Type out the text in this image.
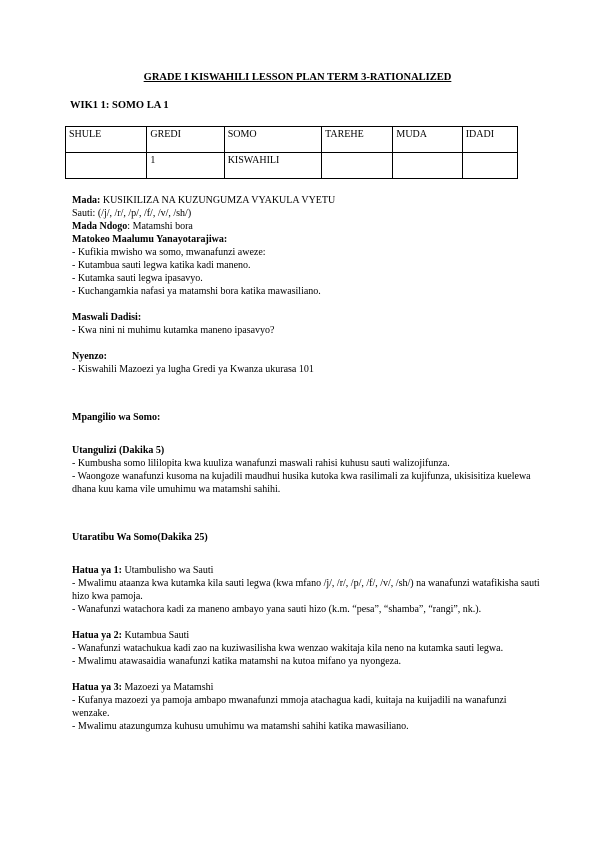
GRADE I KISWAHILI LESSON PLAN TERM 3-RATIONALIZED
WIK1 1: SOMO LA 1
SHULE	GREDI	SOMO	TAREHE	MUDA	IDADI
	1	KISWAHILI			

Mada: KUSIKILIZA NA KUZUNGUMZA VYAKULA VYETU

Sauti: (/j/, /r/, /p/, /f/, /v/, /sh/)

Mada Ndogo: Matamshi bora

Matokeo Maalumu Yanayotarajiwa:

- Kufikia mwisho wa somo, mwanafunzi aweze:

- Kutambua sauti legwa katika kadi maneno.

- Kutamka sauti legwa ipasavyo.

- Kuchangamkia nafasi ya matamshi bora katika mawasiliano.

Maswali Dadisi:

- Kwa nini ni muhimu kutamka maneno ipasavyo?

Nyenzo:

- Kiswahili Mazoezi ya lugha Gredi ya Kwanza ukurasa 101

Mpangilio wa Somo:

Utangulizi (Dakika 5)

- Kumbusha somo lililopita kwa kuuliza wanafunzi maswali rahisi kuhusu sauti walizojifunza.

- Waongoze wanafunzi kusoma na kujadili maudhui husika kutoka kwa rasilimali za kujifunza, ukisisitiza kuelewa dhana kuu kama vile umuhimu wa matamshi sahihi.

Utaratibu Wa Somo(Dakika 25)

Hatua ya 1: Utambulisho wa Sauti

- Mwalimu ataanza kwa kutamka kila sauti legwa (kwa mfano /j/, /r/, /p/, /f/, /v/, /sh/) na wanafunzi watafikisha sauti hizo kwa pamoja.

- Wanafunzi watachora kadi za maneno ambayo yana sauti hizo (k.m. “pesa”, “shamba”, “rangi”, nk.).

Hatua ya 2: Kutambua Sauti

- Wanafunzi watachukua kadi zao na kuziwasilisha kwa wenzao wakitaja kila neno na kutamka sauti legwa.

- Mwalimu atawasaidia wanafunzi katika matamshi na kutoa mifano ya nyongeza.

Hatua ya 3: Mazoezi ya Matamshi

- Kufanya mazoezi ya pamoja ambapo mwanafunzi mmoja atachagua kadi, kuitaja na kuijadili na wanafunzi wenzake.

- Mwalimu atazungumza kuhusu umuhimu wa matamshi sahihi katika mawasiliano.
